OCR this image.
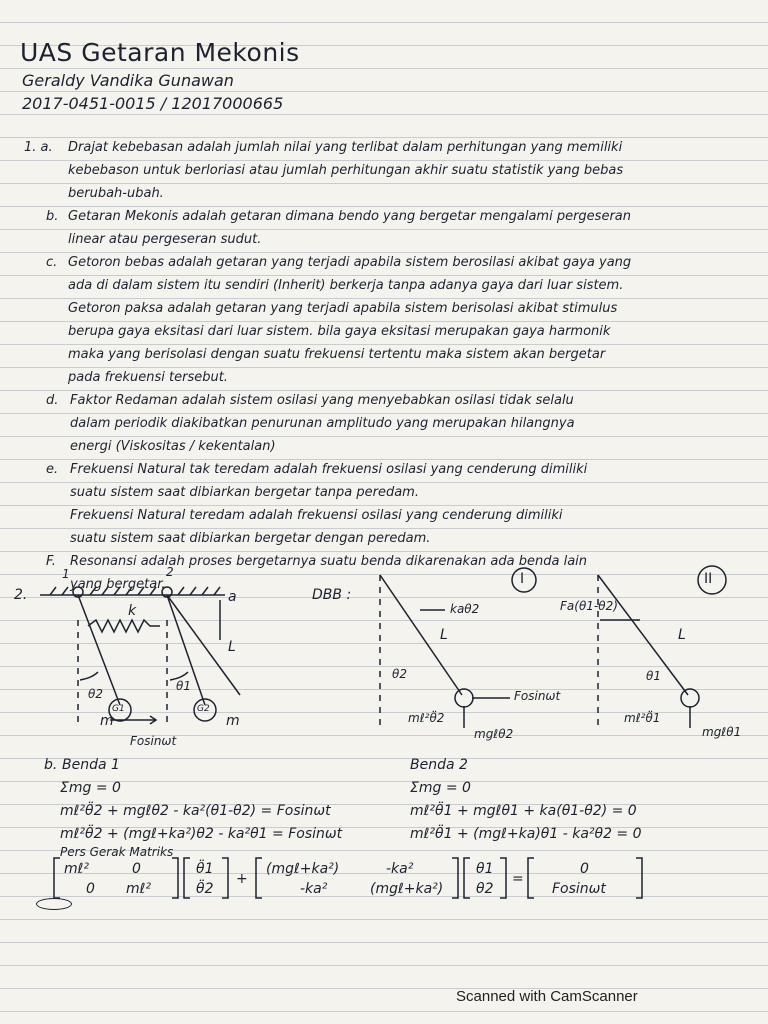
UAS Getaran Mekonis
Geraldy Vandika Gunawan
2017-0451-0015 / 12017000665
1. a. Drajat kebebasan adalah jumlah nilai yang terlibat dalam perhitungan yang memiliki
kebebason untuk berloriasi atau jumlah perhitungan akhir suatu statistik yang bebas
berubah-ubah.
b. Getaran Mekonis adalah getaran dimana bendo yang bergetar mengalami pergeseran
linear atau pergeseran sudut.
c. Getoron bebas adalah getaran yang terjadi apabila sistem berosilasi akibat gaya yang
ada di dalam sistem itu sendiri (Inherit) berkerja tanpa adanya gaya dari luar sistem.
Getoron paksa adalah getaran yang terjadi apabila sistem berisolasi akibat stimulus
berupa gaya eksitasi dari luar sistem. bila gaya eksitasi merupakan gaya harmonik
maka yang berisolasi dengan suatu frekuensi tertentu maka sistem akan bergetar
pada frekuensi tersebut.
d. Faktor Redaman adalah sistem osilasi yang menyebabkan osilasi tidak selalu
dalam periodik diakibatkan penurunan amplitudo yang merupakan hilangnya
energi (Viskositas / kekentalan)
e. Frekuensi Natural tak teredam adalah frekuensi osilasi yang cenderung dimiliki
suatu sistem saat dibiarkan bergetar tanpa peredam.
Frekuensi Natural teredam adalah frekuensi osilasi yang cenderung dimiliki
suatu sistem saat dibiarkan bergetar dengan peredam.
F. Resonansi adalah proses bergetarnya suatu benda dikarenakan ada benda lain
yang bergetar.
2.
1	2
k
a
L
θ2
θ1
G1	G2
m	m
Fosinωt
DBB :
I	II
kaθ2
L
θ2
Fosinωt
mℓ²θ̈2
mgℓθ2
Fa(θ1-θ2)
L
θ1
mℓ²θ̈1
mgℓθ1
b. Benda 1
Σmg = 0
mℓ²θ̈2 + mgℓθ2 - ka²(θ1-θ2) = Fosinωt
mℓ²θ̈2 + (mgℓ+ka²)θ2 - ka²θ1 = Fosinωt
Benda 2
Σmg = 0
mℓ²θ̈1 + mgℓθ1 + ka(θ1-θ2) = 0
mℓ²θ̈1 + (mgℓ+ka)θ1 - ka²θ2 = 0
Pers Gerak Matriks
mℓ²	0
0 mℓ²
θ̈1
θ̈2
+
(mgℓ+ka²)	-ka²
-ka²	(mgℓ+ka²)
θ1
θ2
=
0
Fosinωt
Scanned with CamScanner
